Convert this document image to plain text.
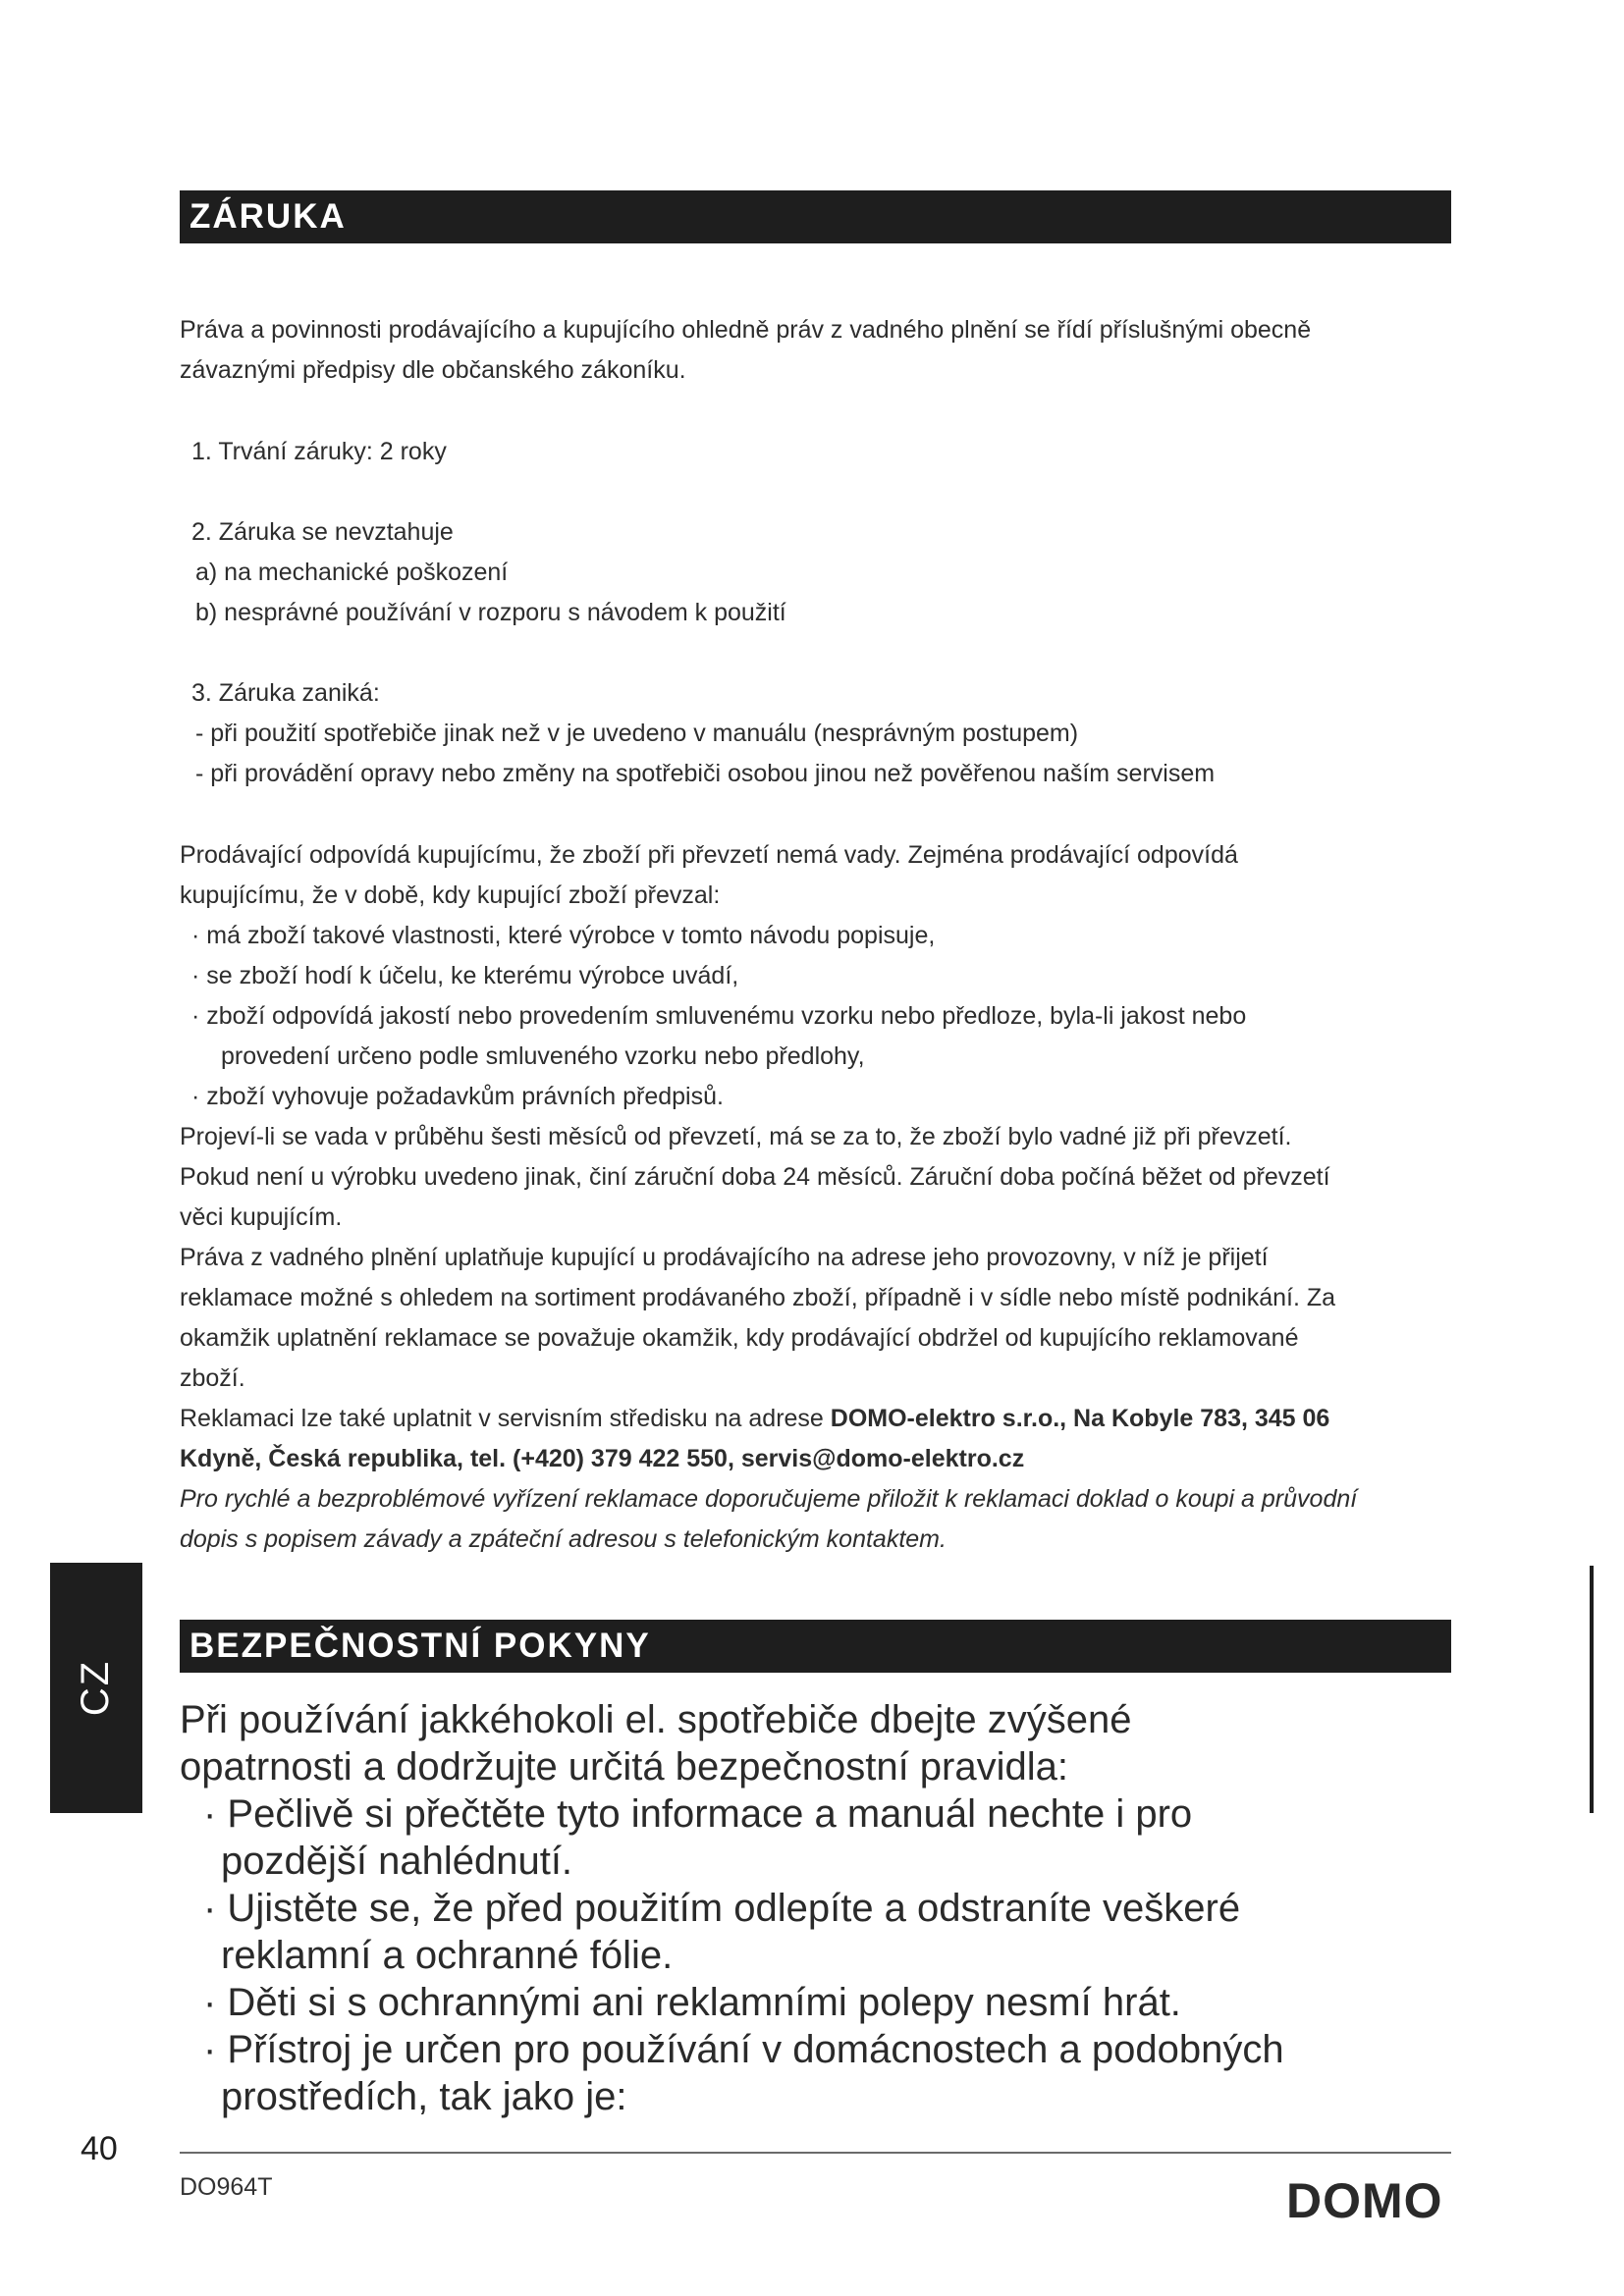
ZÁRUKA

Práva a povinnosti prodávajícího a kupujícího ohledně práv z vadného plnění se řídí příslušnými obecně

závaznými předpisy dle občanského zákoníku.

1. Trvání záruky: 2 roky

2. Záruka se nevztahuje

a) na mechanické poškození

b) nesprávné používání v rozporu s návodem k použití

3. Záruka zaniká:

- při použití spotřebiče jinak než v je uvedeno v manuálu (nesprávným postupem)

- při provádění opravy nebo změny na spotřebiči osobou jinou než pověřenou naším servisem

Prodávající odpovídá kupujícímu, že zboží při převzetí nemá vady. Zejména prodávající odpovídá

kupujícímu, že v době, kdy kupující zboží převzal:

· má zboží takové vlastnosti, které výrobce v tomto návodu popisuje,

· se zboží hodí k účelu, ke kterému výrobce uvádí,

· zboží odpovídá jakostí nebo provedením smluvenému vzorku nebo předloze, byla-li jakost nebo

provedení určeno podle smluveného vzorku nebo předlohy,

· zboží vyhovuje požadavkům právních předpisů.

Projeví-li se vada v průběhu šesti měsíců od převzetí, má se za to, že zboží bylo vadné již při převzetí.

Pokud není u výrobku uvedeno jinak, činí záruční doba 24 měsíců. Záruční doba počíná běžet od převzetí

věci kupujícím.

Práva z vadného plnění uplatňuje kupující u prodávajícího na adrese jeho provozovny, v níž je přijetí

reklamace možné s ohledem na sortiment prodávaného zboží, případně i v sídle nebo místě podnikání. Za

okamžik uplatnění reklamace se považuje okamžik, kdy prodávající obdržel od kupujícího reklamované

zboží.

Reklamaci lze také uplatnit v servisním středisku na adrese DOMO-elektro s.r.o., Na Kobyle 783, 345 06

Kdyně, Česká republika, tel. (+420) 379 422 550, servis@domo-elektro.cz

Pro rychlé a bezproblémové vyřízení reklamace doporučujeme přiložit k reklamaci doklad o koupi a průvodní

dopis s popisem závady a zpáteční adresou s telefonickým kontaktem.

BEZPEČNOSTNÍ POKYNY

Při používání jakkéhokoli el. spotřebiče dbejte zvýšené

opatrnosti a dodržujte určitá bezpečnostní pravidla:

· Pečlivě si přečtěte tyto informace a manuál nechte i pro

pozdější nahlédnutí.

· Ujistěte se, že před použitím odlepíte a odstraníte veškeré

reklamní a ochranné fólie.

· Děti si s ochrannými ani reklamními polepy nesmí hrát.

· Přístroj je určen pro používání v domácnostech a podobných

prostředích, tak jako je:

CZ
40
DO964T	DOMO
